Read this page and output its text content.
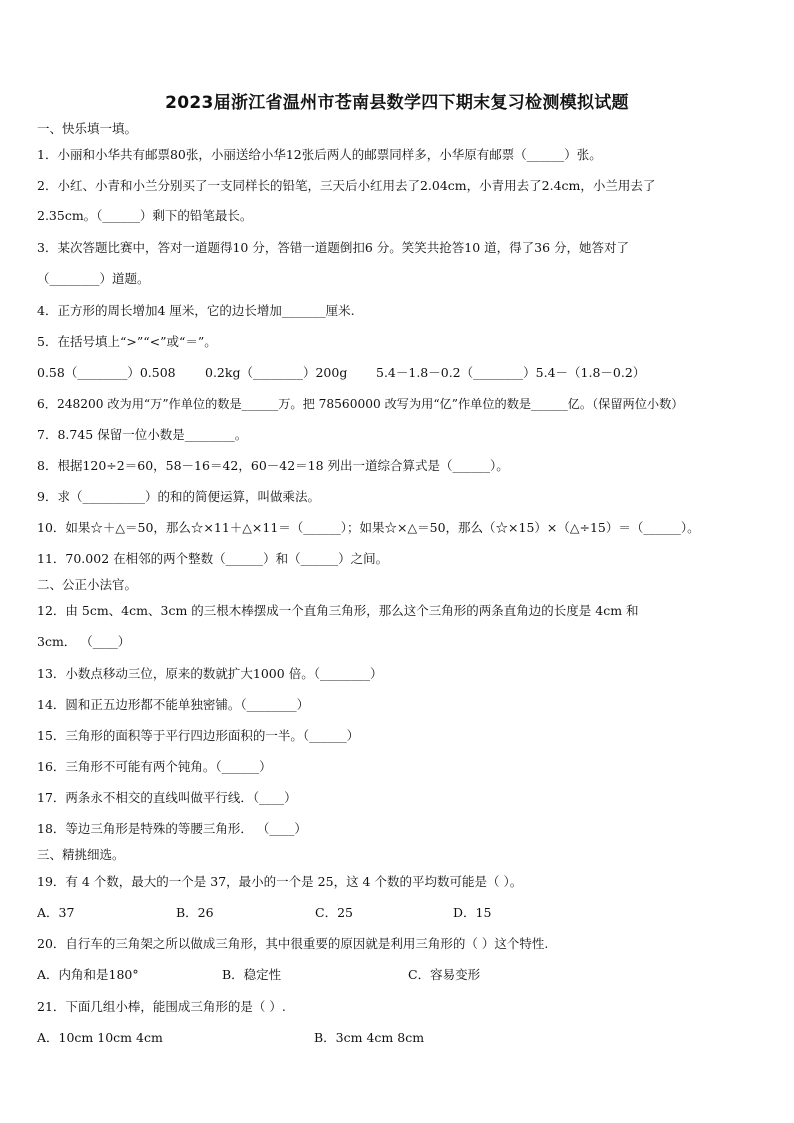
2023届浙江省温州市苍南县数学四下期末复习检测模拟试题
一、快乐填一填。
1．小丽和小华共有邮票80张，小丽送给小华12张后两人的邮票同样多，小华原有邮票（______）张。
2．小红、小青和小兰分别买了一支同样长的铅笔，三天后小红用去了2.04cm，小青用去了2.4cm，小兰用去了
2.35cm。（______）剩下的铅笔最长。
3．某次答题比赛中，答对一道题得10 分，答错一道题倒扣6 分。笑笑共抢答10 道，得了36 分，她答对了
（________）道题。
4．正方形的周长增加4 厘米，它的边长增加_______厘米.
5．在括号填上“>”“<”或“＝”。
0.58（________）0.508 0.2kg（________）200g 5.4－1.8－0.2（________）5.4－（1.8－0.2）
6．248200 改为用“万”作单位的数是______万。把 78560000 改写为用“亿”作单位的数是______亿。（保留两位小数）
7．8.745 保留一位小数是________。
8．根据120÷2＝60，58－16＝42，60－42＝18 列出一道综合算式是（______）。
9．求（__________）的和的简便运算，叫做乘法。
10．如果☆＋△＝50，那么☆×11＋△×11＝（______）；如果☆×△＝50，那么（☆×15）×（△÷15）＝（______）。
11．70.002 在相邻的两个整数（______）和（______）之间。
二、公正小法官。
12．由 5cm、4cm、3cm 的三根木棒摆成一个直角三角形，那么这个三角形的两条直角边的长度是 4cm 和
3cm． （____）
13．小数点移动三位，原来的数就扩大1000 倍。（________）
14．圆和正五边形都不能单独密铺。（________）
15．三角形的面积等于平行四边形面积的一半。（______）
16．三角形不可能有两个钝角。（______）
17．两条永不相交的直线叫做平行线．（____）
18．等边三角形是特殊的等腰三角形． （____）
三、精挑细选。
19．有 4 个数，最大的一个是 37，最小的一个是 25，这 4 个数的平均数可能是（ ）。
A．37	B．26	C．25	D．15
20．自行车的三角架之所以做成三角形，其中很重要的原因就是利用三角形的（ ）这个特性.
A．内角和是180°	B．稳定性	C．容易变形
21．下面几组小棒，能围成三角形的是（ ）.
A．10cm 10cm 4cm	B．3cm 4cm 8cm
